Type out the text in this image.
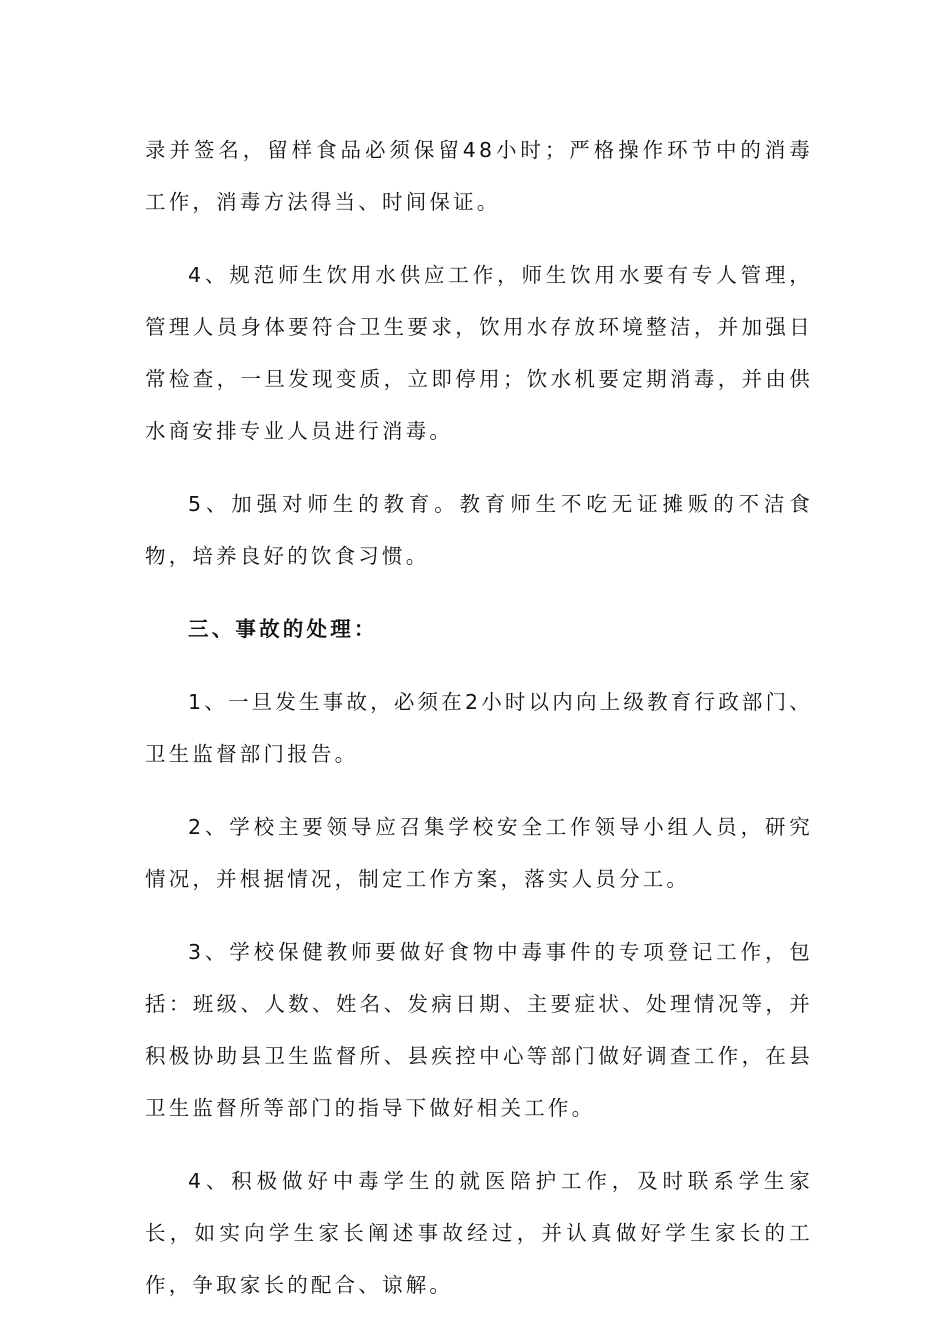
录并签名，留样食品必须保留48小时；严格操作环节中的消毒工作，消毒方法得当、时间保证。

4、规范师生饮用水供应工作，师生饮用水要有专人管理，管理人员身体要符合卫生要求，饮用水存放环境整洁，并加强日常检查，一旦发现变质，立即停用；饮水机要定期消毒，并由供水商安排专业人员进行消毒。

5、加强对师生的教育。教育师生不吃无证摊贩的不洁食物，培养良好的饮食习惯。

三、事故的处理：

1、一旦发生事故，必须在2小时以内向上级教育行政部门、卫生监督部门报告。

2、学校主要领导应召集学校安全工作领导小组人员，研究情况，并根据情况，制定工作方案，落实人员分工。

3、学校保健教师要做好食物中毒事件的专项登记工作，包括：班级、人数、姓名、发病日期、主要症状、处理情况等，并积极协助县卫生监督所、县疾控中心等部门做好调查工作，在县卫生监督所等部门的指导下做好相关工作。

4、积极做好中毒学生的就医陪护工作，及时联系学生家长，如实向学生家长阐述事故经过，并认真做好学生家长的工作，争取家长的配合、谅解。
